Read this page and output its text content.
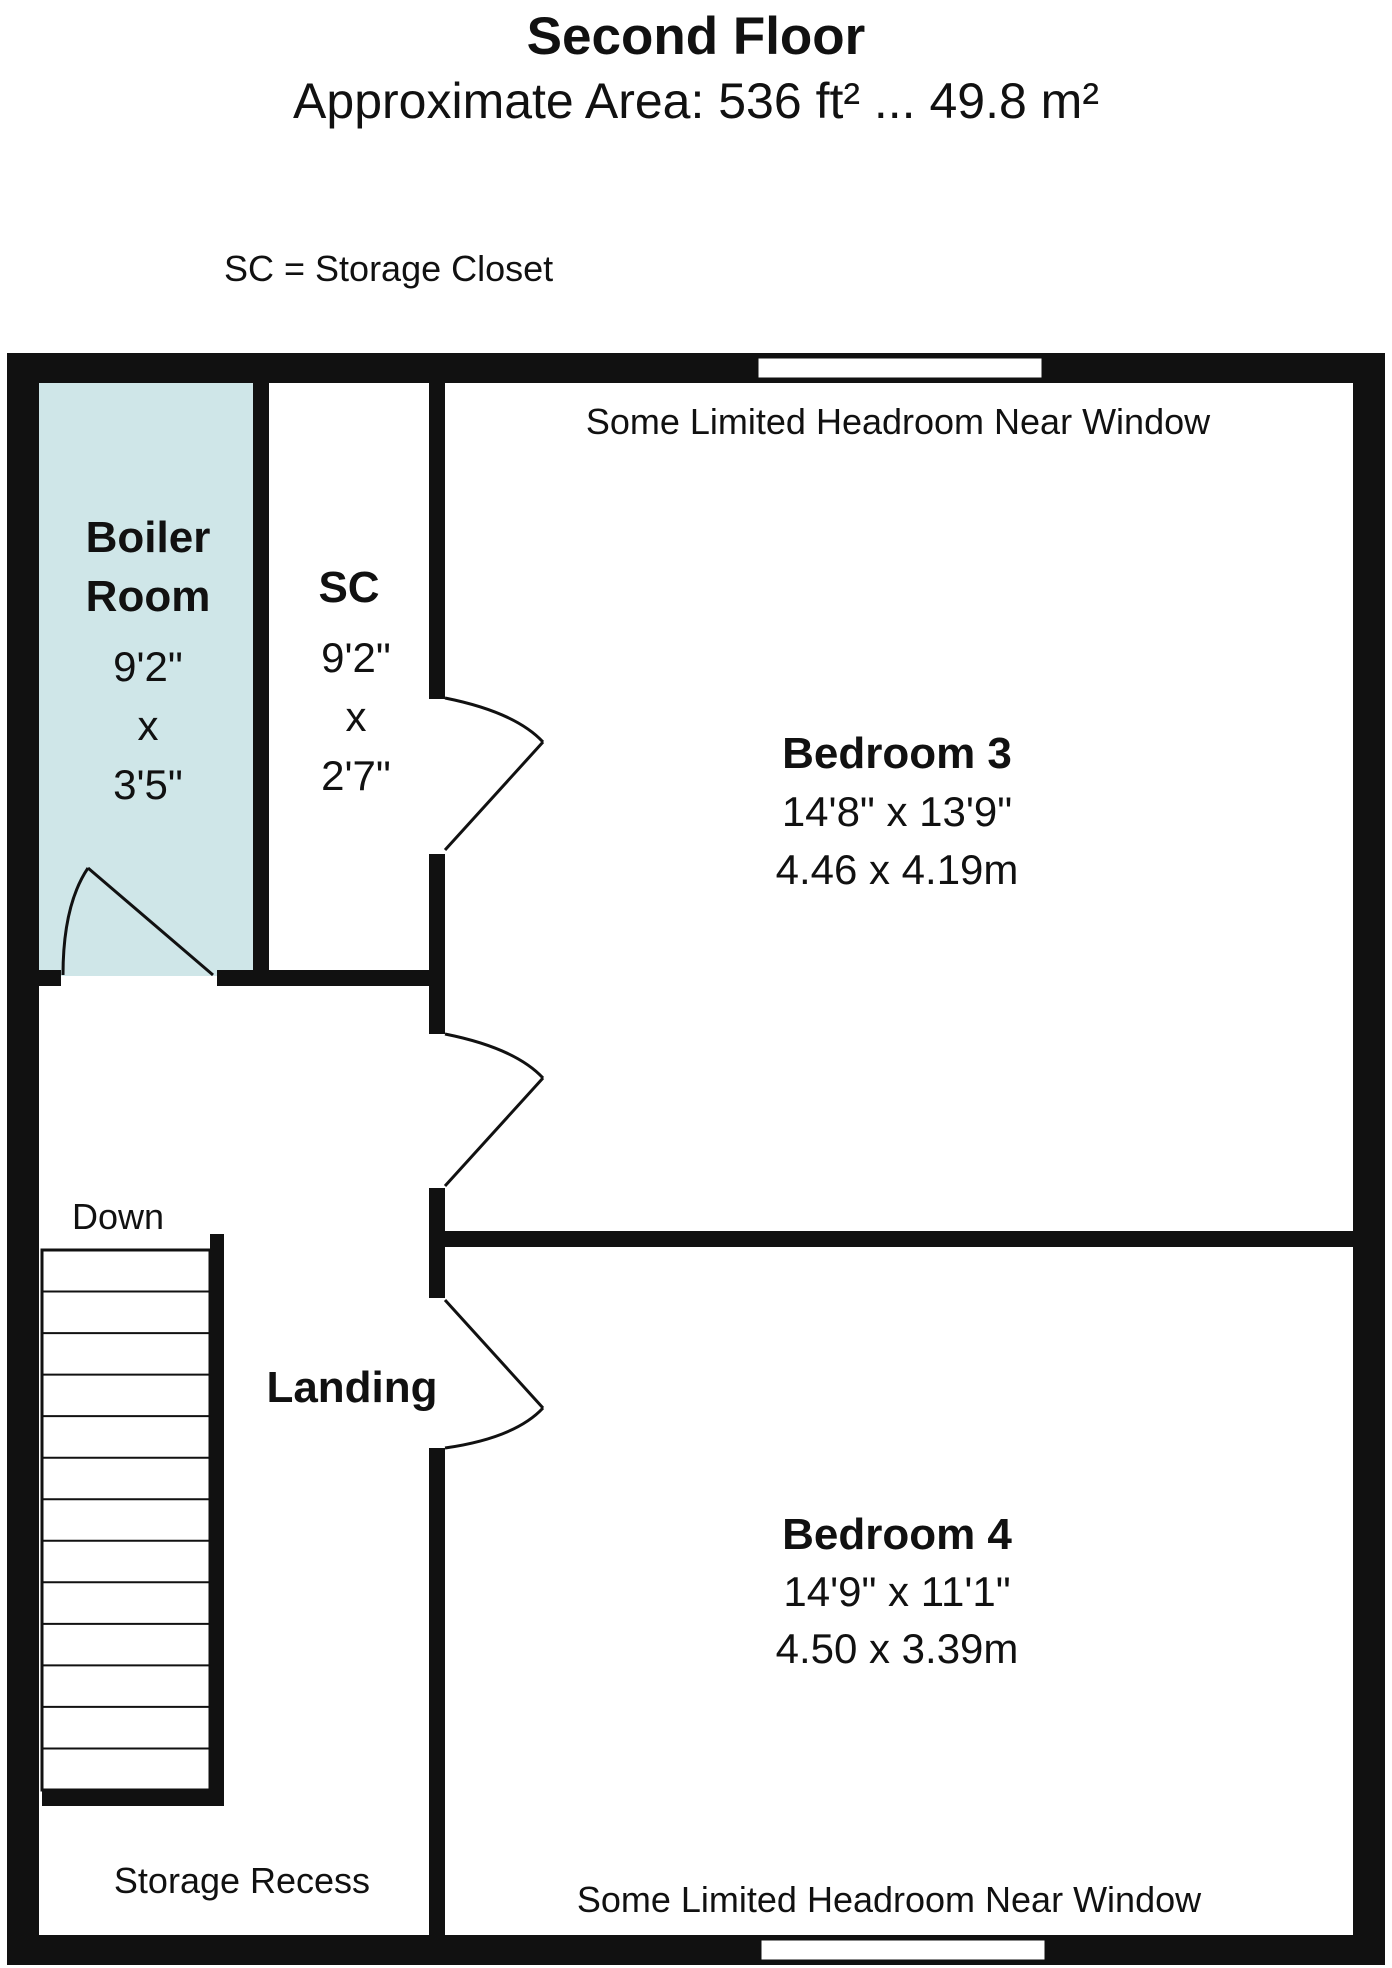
Second Floor
Approximate Area: 536 ft² ... 49.8 m²
SC = Storage Closet
Boiler
Room
9'2"
x
3'5"
SC
9'2"
x
2'7"
Some Limited Headroom Near Window
Bedroom 3
14'8" x 13'9"
4.46 x 4.19m
Bedroom 4
14'9" x 11'1"
4.50 x 3.39m
Some Limited Headroom Near Window
Landing
Down
Storage Recess
